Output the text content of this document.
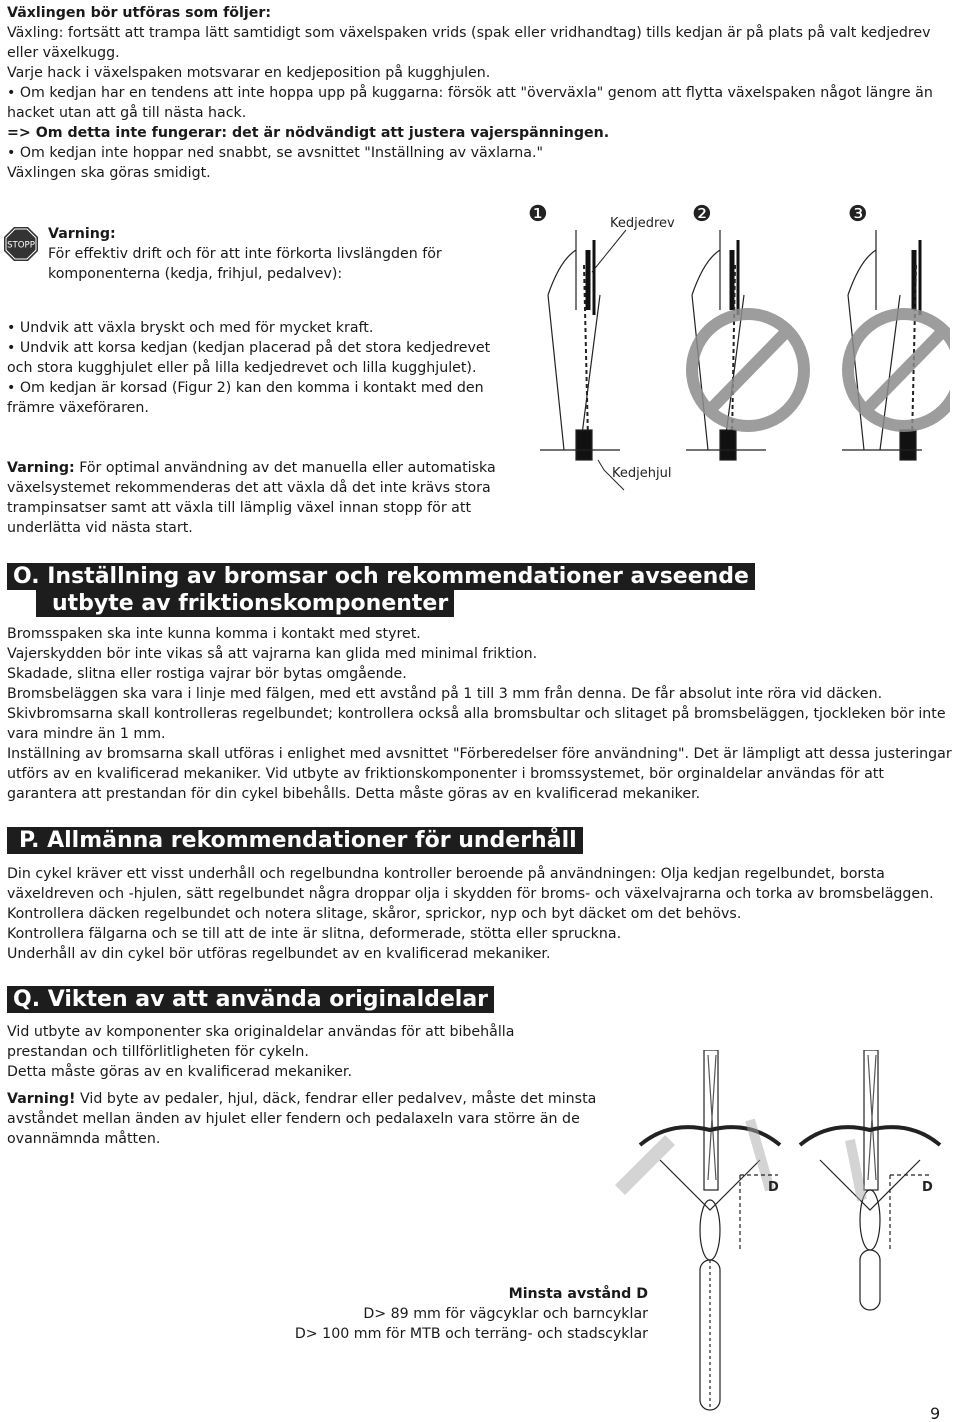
Växlingen bör utföras som följer:

Växling: fortsätt att trampa lätt samtidigt som växelspaken vrids (spak eller vridhandtag) tills kedjan är på plats på valt kedjedrev eller växelkugg.

Varje hack i växelspaken motsvarar en kedjeposition på kugghjulen.

• Om kedjan har en tendens att inte hoppa upp på kuggarna: försök att "överväxla" genom att flytta växelspaken något längre än hacket utan att gå till nästa hack.

=> Om detta inte fungerar: det är nödvändigt att justera vajerspänningen.

• Om kedjan inte hoppar ned snabbt, se avsnittet "Inställning av växlarna."

Växlingen ska göras smidigt.

STOPP

Varning:

För effektiv drift och för att inte förkorta livslängden för komponenterna (kedja, frihjul, pedalvev):

• Undvik att växla bryskt och med för mycket kraft.

• Undvik att korsa kedjan (kedjan placerad på det stora kedjedrevet och stora kugghjulet eller på lilla kedjedrevet och lilla kugghjulet).

• Om kedjan är korsad (Figur 2) kan den komma i kontakt med den främre växeföraren.

❶	❷	❸
Kedjedrev
Kedjehjul

Varning: För optimal användning av det manuella eller automatiska växelsystemet rekommenderas det att växla då det inte krävs stora trampinsatser samt att växla till lämplig växel innan stopp för att underlätta vid nästa start.

O. Inställning av bromsar och rekommendationer avseende
utbyte av friktionskomponenter

Bromsspaken ska inte kunna komma i kontakt med styret.

Vajerskydden bör inte vikas så att vajrarna kan glida med minimal friktion.

Skadade, slitna eller rostiga vajrar bör bytas omgående.

Bromsbeläggen ska vara i linje med fälgen, med ett avstånd på 1 till 3 mm från denna. De får absolut inte röra vid däcken.

Skivbromsarna skall kontrolleras regelbundet; kontrollera också alla bromsbultar och slitaget på bromsbeläggen, tjockleken bör inte vara mindre än 1 mm.

Inställning av bromsarna skall utföras i enlighet med avsnittet "Förberedelser före användning". Det är lämpligt att dessa justeringar utförs av en kvalificerad mekaniker. Vid utbyte av friktionskomponenter i bromssystemet, bör orginaldelar användas för att garantera att prestandan för din cykel bibehålls. Detta måste göras av en kvalificerad mekaniker.

P. Allmänna rekommendationer för underhåll

Din cykel kräver ett visst underhåll och regelbundna kontroller beroende på användningen: Olja kedjan regelbundet, borsta växeldreven och -hjulen, sätt regelbundet några droppar olja i skydden för broms- och växelvajrarna och torka av bromsbeläggen.

Kontrollera däcken regelbundet och notera slitage, skåror, sprickor, nyp och byt däcket om det behövs.

Kontrollera fälgarna och se till att de inte är slitna, deformerade, stötta eller spruckna.

Underhåll av din cykel bör utföras regelbundet av en kvalificerad mekaniker.

Q. Vikten av att använda originaldelar

Vid utbyte av komponenter ska originaldelar användas för att bibehålla prestandan och tillförlitligheten för cykeln.

Detta måste göras av en kvalificerad mekaniker.

Varning! Vid byte av pedaler, hjul, däck, fendrar eller pedalvev, måste det minsta avståndet mellan änden av hjulet eller fendern och pedalaxeln vara större än de ovannämnda måtten.

D	D

Minsta avstånd D

D> 89 mm för vägcyklar och barncyklar

D> 100 mm för MTB och terräng- och stadscyklar

9
